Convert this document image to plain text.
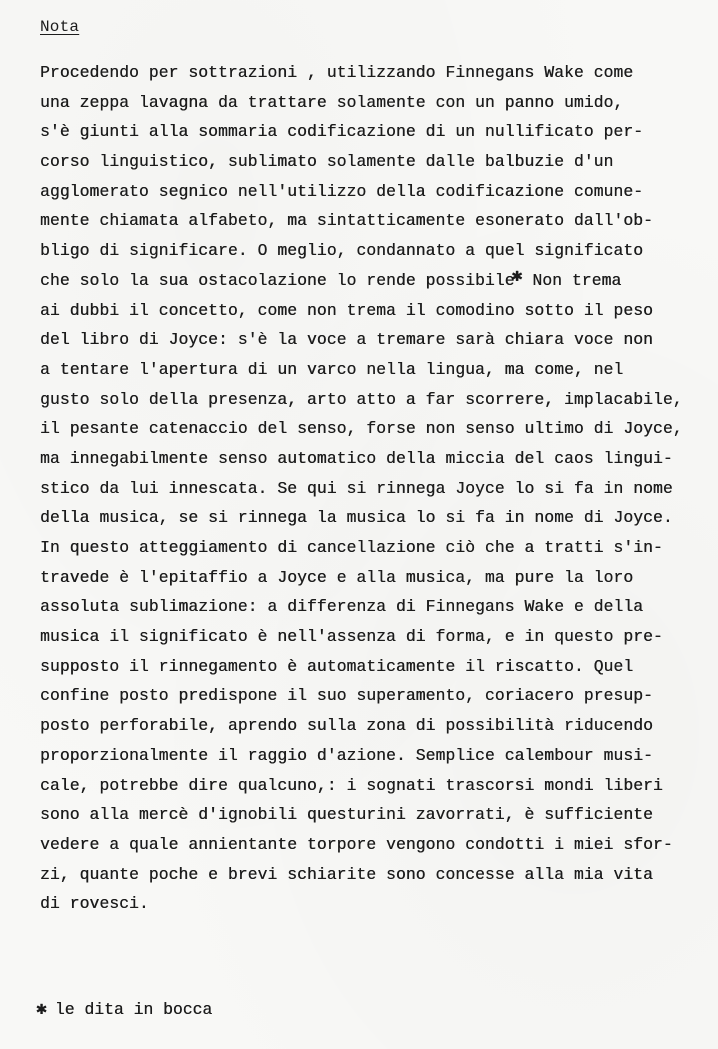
Nota
Procedendo per sottrazioni , utilizzando Finnegans Wake come
una zeppa lavagna da trattare solamente con un panno umido,
s'è giunti alla sommaria codificazione di un nullificato per-
corso linguistico, sublimato solamente dalle balbuzie d'un
agglomerato segnico nell'utilizzo della codificazione comune-
mente chiamata alfabeto, ma sintatticamente esonerato dall'ob-
bligo di significare. O meglio, condannato a quel significato
che solo la sua ostacolazione lo rende possibile✱ Non trema
ai dubbi il concetto, come non trema il comodino sotto il peso
del libro di Joyce: s'è la voce a tremare sarà chiara voce non
a tentare l'apertura di un varco nella lingua, ma come, nel
gusto solo della presenza, arto atto a far scorrere, implacabile,
il pesante catenaccio del senso, forse non senso ultimo di Joyce,
ma innegabilmente senso automatico della miccia del caos lingui-
stico da lui innescata. Se qui si rinnega Joyce lo si fa in nome
della musica, se si rinnega la musica lo si fa in nome di Joyce.
In questo atteggiamento di cancellazione ciò che a tratti s'in-
travede è l'epitaffio a Joyce e alla musica, ma pure la loro
assoluta sublimazione: a differenza di Finnegans Wake e della
musica il significato è nell'assenza di forma, e in questo pre-
supposto il rinnegamento è automaticamente il riscatto. Quel
confine posto predispone il suo superamento, coriacero presup-
posto perforabile, aprendo sulla zona di possibilità riducendo
proporzionalmente il raggio d'azione. Semplice calembour musi-
cale, potrebbe dire qualcuno,: i sognati trascorsi mondi liberi
sono alla mercè d'ignobili questurini zavorrati, è sufficiente
vedere a quale annientante torpore vengono condotti i miei sfor-
zi, quante poche e brevi schiarite sono concesse alla mia vita
di rovesci.
✱ le dita in bocca
